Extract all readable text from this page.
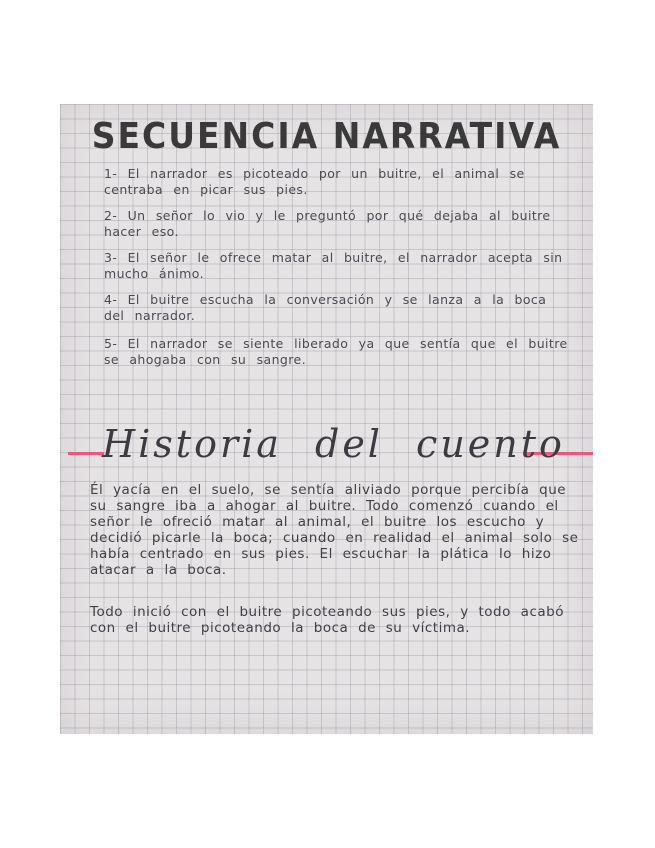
SECUENCIA NARRATIVA
1- El narrador es picoteado por un buitre, el animal se centraba en picar sus pies.
2- Un señor lo vio y le preguntó por qué dejaba al buitre hacer eso.
3- El señor le ofrece matar al buitre, el narrador acepta sin mucho ánimo.
4- El buitre escucha la conversación y se lanza a la boca del narrador.
5- El narrador se siente liberado ya que sentía que el buitre se ahogaba con su sangre.
Historia del cuento
Él yacía en el suelo, se sentía aliviado porque percibía que su sangre iba a ahogar al buitre. Todo comenzó cuando el señor le ofreció matar al animal, el buitre los escucho y decidió picarle la boca; cuando en realidad el animal solo se había centrado en sus pies. El escuchar la plática lo hizo atacar a la boca.
Todo inició con el buitre picoteando sus pies, y todo acabó con el buitre picoteando la boca de su víctima.
